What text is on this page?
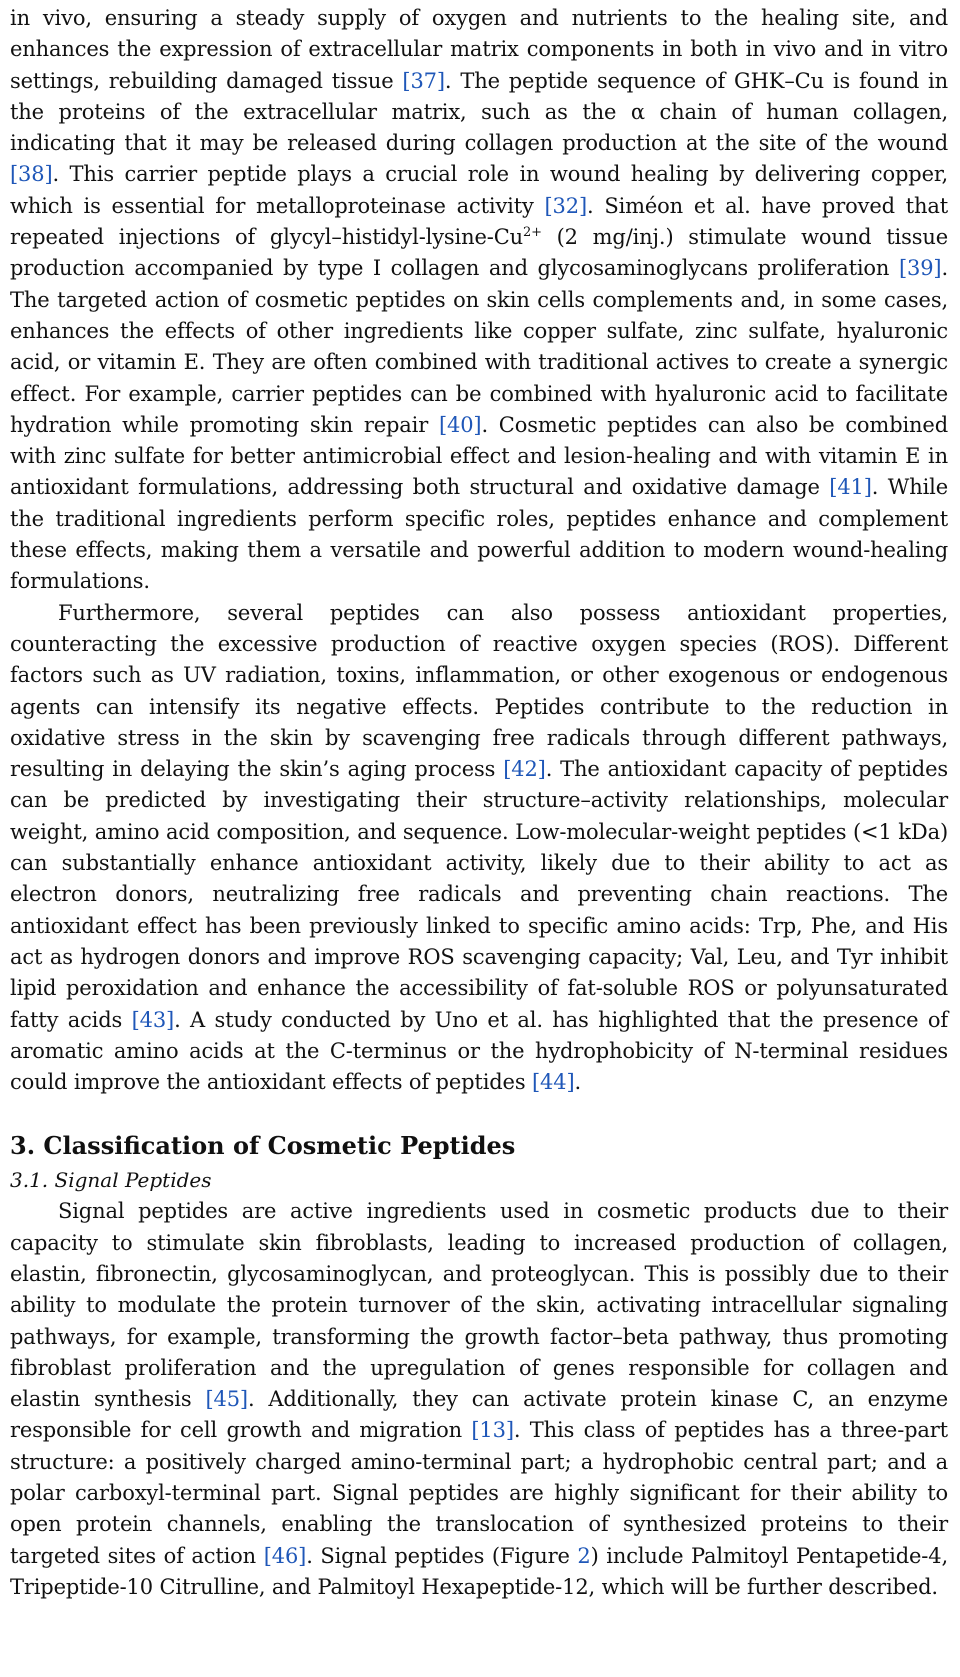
in vivo, ensuring a steady supply of oxygen and nutrients to the healing site, and enhances the expression of extracellular matrix components in both in vivo and in vitro settings, rebuilding damaged tissue [37]. The peptide sequence of GHK–Cu is found in the proteins of the extracellular matrix, such as the α chain of human collagen, indicating that it may be released during collagen production at the site of the wound [38]. This carrier peptide plays a crucial role in wound healing by delivering copper, which is essential for metalloproteinase activity [32]. Siméon et al. have proved that repeated injections of glycyl–$histidyl-lysine-Cu^{2+}$ (2 mg/inj.) stimulate wound tissue production accompanied by type I collagen and glycosaminoglycans proliferation [39]. The targeted action of cosmetic peptides on skin cells complements and, in some cases, enhances the effects of other ingredients like copper sulfate, zinc sulfate, hyaluronic acid, or vitamin E. They are often combined with traditional actives to create a synergic effect. For example, carrier peptides can be combined with hyaluronic acid to facilitate hydration while promoting skin repair [40]. Cosmetic peptides can also be combined with zinc sulfate for better antimicrobial effect and lesion-healing and with vitamin E in antioxidant formulations, addressing both structural and oxidative damage [41]. While the traditional ingredients perform specific roles, peptides enhance and complement these effects, making them a versatile and powerful addition to modern wound-healing formulations.

Furthermore, several peptides can also possess antioxidant properties, counteracting the excessive production of reactive oxygen species (ROS). Different factors such as UV radiation, toxins, inflammation, or other exogenous or endogenous agents can intensify its negative effects. Peptides contribute to the reduction in oxidative stress in the skin by scavenging free radicals through different pathways, resulting in delaying the skin’s aging process [42]. The antioxidant capacity of peptides can be predicted by investigating their structure–activity relationships, molecular weight, amino acid composition, and sequence. Low-molecular-weight peptides (<1 kDa) can substantially enhance antioxidant activity, likely due to their ability to act as electron donors, neutralizing free radicals and preventing chain reactions. The antioxidant effect has been previously linked to specific amino acids: Trp, Phe, and His act as hydrogen donors and improve ROS scavenging capacity; Val, Leu, and Tyr inhibit lipid peroxidation and enhance the accessibility of fat-soluble ROS or polyunsaturated fatty acids [43]. A study conducted by Uno et al. has highlighted that the presence of aromatic amino acids at the C-terminus or the hydrophobicity of N-terminal residues could improve the antioxidant effects of peptides [44].

3. Classification of Cosmetic Peptides
3.1. Signal Peptides

Signal peptides are active ingredients used in cosmetic products due to their capacity to stimulate skin fibroblasts, leading to increased production of collagen, elastin, fibronectin, glycosaminoglycan, and proteoglycan. This is possibly due to their ability to modulate the protein turnover of the skin, activating intracellular signaling pathways, for example, transforming the growth factor–beta pathway, thus promoting fibroblast proliferation and the upregulation of genes responsible for collagen and elastin synthesis [45]. Additionally, they can activate protein kinase C, an enzyme responsible for cell growth and migration [13]. This class of peptides has a three-part structure: a positively charged amino-terminal part; a hydrophobic central part; and a polar carboxyl-terminal part. Signal peptides are highly significant for their ability to open protein channels, enabling the translocation of synthesized proteins to their targeted sites of action [46]. Signal peptides (Figure 2) include Palmitoyl Pentapetide-4, Tripeptide-10 Citrulline, and Palmitoyl Hexapeptide-12, which will be further described.
